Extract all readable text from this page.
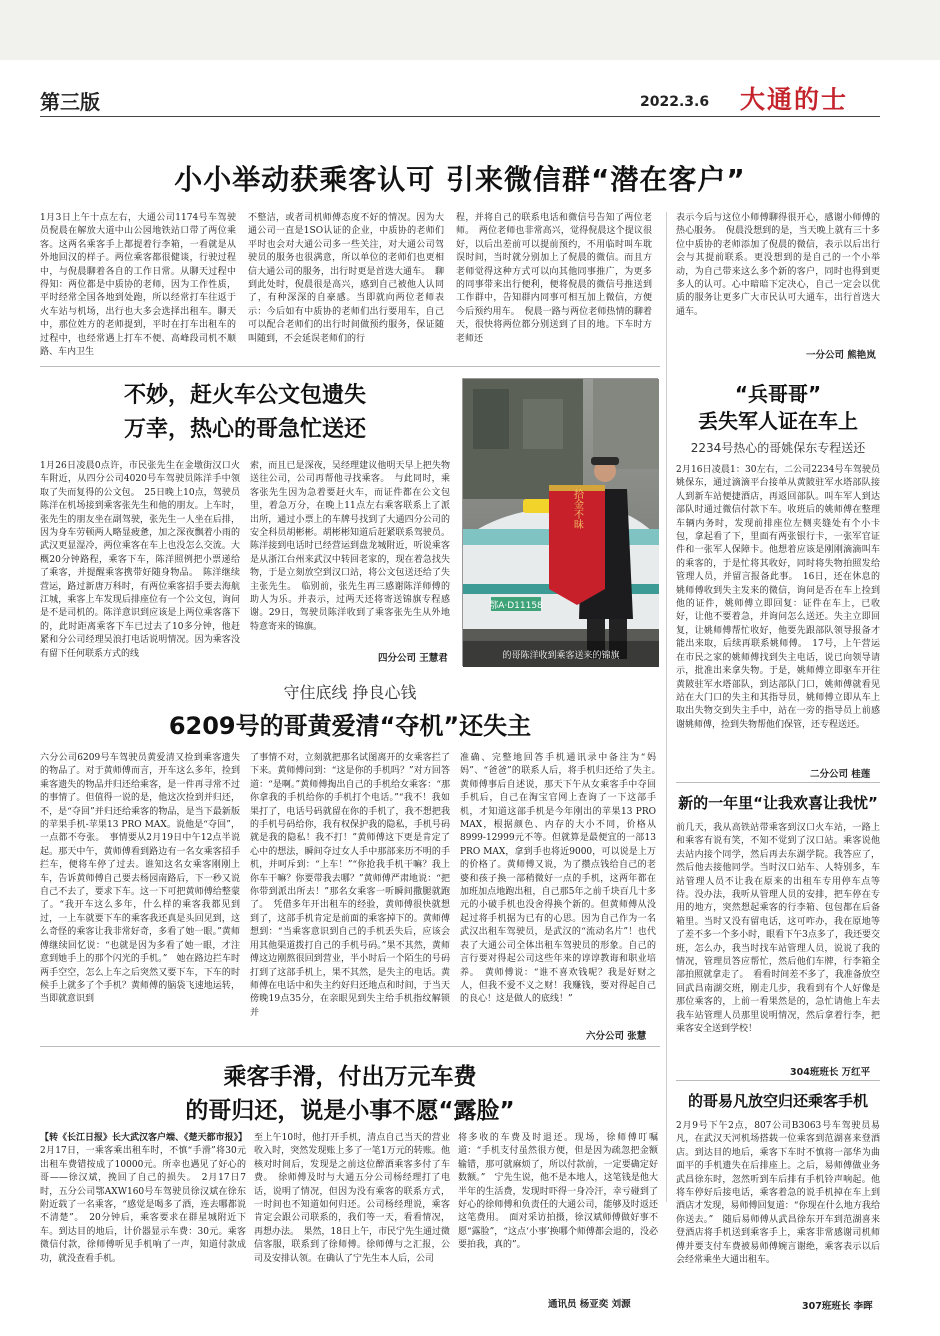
第三版	2022.3.6 大通的士
小小举动获乘客认可 引来微信群“潜在客户”
1月3日上午十点左右，大通公司1174号车驾驶员倪晨在解放大道中山公园地铁站口带了两位乘客。这两名乘客手上都提着行李箱，一看就是从外地回汉的样子。两位乘客都很健谈，行驶过程中，与倪晨聊着各自的工作日常。从聊天过程中得知：两位都是中质协的老师，因为工作性质，平时经常全国各地到处跑，所以经常打车往返于火车站与机场，出行也大多会选择出租车。聊天中，那位姓方的老师提到，平时在打车出租车的过程中，也经常遇上打车不便、高峰段司机不顺路、车内卫生
不整洁，或者司机师傅态度不好的情况。因为大通公司一直是1SO认证的企业，中质协的老师们平时也会对大通公司多一些关注，对大通公司驾驶员的服务也很满意，所以单位的老师们也更相信大通公司的服务，出行时更是首选大通车。　聊到此处时，倪晨很是高兴，感到自己被他人认同了，有种深深的自豪感。当即就向两位老师表示：今后如有中质协的老师们出行要用车，自己可以配合老师们的出行时间做预约服务，保证随叫随到，不会延误老师们的行
程，并将自己的联系电话和微信号告知了两位老师。　两位老师也非常高兴，觉得倪晨这个提议很好，以后出差前可以提前预约，不用临时叫车耽误时间，当时就分别加上了倪晨的微信。而且方老师觉得这种方式可以向其他同事推广，为更多的同事带来出行便利，便将倪晨的微信号推送到工作群中，告知群内同事可相互加上微信，方便今后预约用车。　倪晨一路与两位老师热情的聊着天，很快将两位都分别送到了目的地。下车时方老师还
表示今后与这位小师傅聊得很开心，感谢小师傅的热心服务。　倪晨没想到的是，当天晚上就有三十多位中质协的老师添加了倪晨的微信，表示以后出行会与其提前联系。更没想到的是自己的一个小举动，为自己带来这么多个新的客户，同时也得到更多人的认可。心中暗暗下定决心，自己一定会以优质的服务让更多广大市民认可大通车，出行首选大通车。
一分公司 熊艳岚
不妙，赶火车公文包遗失
万幸，热心的哥急忙送还
1月26日凌晨0点许，市民张先生在金墩街汉口火车附近，从四分公司4020号车驾驶员陈洋手中领取了失而复得的公文包。　25日晚上10点，驾驶员陈洋在机场接到乘客张先生和他的朋友。上车时，张先生的朋友坐在副驾驶，张先生一人坐在后排，因为身车劳顿两人略显疲惫，加之深夜飘着小雨的武汉更显湿冷，两位乘客在车上也没怎么交流。大概20分钟路程，乘客下车，陈洋照例把小票递给了乘客，并提醒乘客携带好随身物品。　陈洋继续营运，路过新唐万科时，有两位乘客招手要去海航江城，乘客上车发现后排座位有一个公文包，询问是不是司机的。陈洋意识到应该是上两位乘客落下的，此时距离乘客下车已过去了10多分钟，他赶紧和分公司经理吴浪打电话说明情况。因为乘客没有留下任何联系方式的线
索，而且已是深夜，吴经理建议他明天早上把失物送往公司，公司再帮他寻找乘客。　与此同时，乘客张先生因为急着要赶火车，而证件都在公文包里，着急万分，在晚上11点左右乘客联系上了派出所，通过小票上的车牌号找到了大通四分公司的安全科员胡彬彬。胡彬彬知道后赶紧联系驾驶员。陈洋接到电话时已经营运到盘龙城附近，听说乘客是从浙江台州来武汉中转回老家的，现在着急找失物，于是立刻放空到汉口站，将公文包送还给了失主张先生。　临别前，张先生再三感谢陈洋师傅的助人为乐。并表示，过两天还将寄送锦旗专程感谢。29日，驾驶员陈洋收到了乘客张先生从外地特意寄来的锦旗。
四分公司 王慧君
鄂A·D11158
拾金不昧
的哥陈洋收到乘客送来的锦旗
“兵哥哥”
丢失军人证在车上
2234号热心的哥姚保东专程送还
2月16日凌晨1：30左右，二公司2234号车驾驶员姚保东，通过滴滴平台接单从黄陂驻军水塔部队接人到新车站便捷酒店，再返回部队。叫车军人到达部队时通过微信付款下车。收班后的姚师傅在整理车辆内务时，发现前排座位左侧夹缝处有个小卡包，拿起看了下，里面有两张银行卡，一张军官证件和一张军人保障卡。他想着应该是刚刚滴滴叫车的乘客的，于是忙将其收好，同时将失物拍照发给管理人员，并留言报备此事。　16日，还在休息的姚师傅收到失主发来的微信，询问是否在车上捡到他的证件，姚师傅立即回复：证件在车上，已收好，让他不要着急，并询问怎么送还。失主立即回复，让姚师傅帮忙收好，他要先跟部队领导报备才能出来取，后续再联系姚师傅。　17号，上午营运在市民之家的姚师傅找到失主电话，说已向领导请示，批准出来拿失物。于是，姚师傅立即驱车开往黄陂驻军水塔部队，到达部队门口，姚师傅就看见站在大门口的失主和其指导员，姚师傅立即从车上取出失物交到失主手中，站在一旁的指导员上前感谢姚师傅，捡到失物帮他们保管，还专程送还。
二分公司 桂莲
守住底线 挣良心钱
6209号的哥黄爱清“夺机”还失主
六分公司6209号车驾驶员黄爱清又捡到乘客遗失的物品了。对于黄师傅而言，开车这么多年，捡到乘客遗失的物品并归还给乘客，是一件再寻常不过的事情了。但值得一说的是，他这次捡到并归还，不，是“夺回”并归还给乘客的物品，是当下最新版的苹果手机-苹果13 PRO MAX。说他是“夺回”，一点都不夸张。　事情要从2月19日中午12点半说起。那天中午，黄师傅看到路边有一名女乘客招手拦车，便将车停了过去。谁知这名女乘客刚刚上车，告诉黄师傅自己要去杨园南路后，下一秒又说自己不去了，要求下车。这一下可把黄师傅给整蒙了。“我开车这么多年，什么样的乘客我都见到过，一上车就要下车的乘客我还真是头回见到，这么奇怪的乘客让我非常好奇，多看了她一眼。”黄师傅继续回忆说：“也就是因为多看了她一眼，才注意到她手上的那个闪光的手机。”　她在路边拦车时两手空空，怎么上车之后突然又要下车，下车的时候手上就多了个手机？黄师傅的脑袋飞速地运转，当即就意识到
了事情不对，立刻就把那名试图离开的女乘客拦了下来。黄师傅问到：“这是你的手机吗？”对方回答道：“是啊。”黄师傅掏出自己的手机给女乘客：“那你拿我的手机给你的手机打个电话。”“我不！我如果打了，电话号码就留在你的手机了，我不想把我的手机号码给你，我有权保护我的隐私，手机号码就是我的隐私！我不打！”黄师傅这下更是肯定了心中的想法，瞬间夺过女人手中那部来历不明的手机，并呵斥到：“上车！”“你抢我手机干嘛？我上你车干嘛？你要带我去哪？”黄师傅严肃地说：“把你带到派出所去！”那名女乘客一听瞬间撒腿就跑了。　凭借多年开出租车的经验，黄师傅很快就想到了，这部手机肯定是前面的乘客掉下的。黄师傅想到：“当乘客意识到自己的手机丢失后，应该会用其他渠道拨打自己的手机号码。”果不其然，黄师傅这边刚熬很回到营业，半小时后一个陌生的号码打到了这部手机上，果不其然，是失主的电话。黄师傅在电话中和失主约好归还地点和时间，于当天傍晚19点35分，在亲眼见到失主给手机指纹解锁并
准确、完整地回答手机通讯录中备注为“妈妈”、“爸爸”的联系人后，将手机归还给了失主。　黄师傅事后自述说，那天下午从女乘客手中夺回手机后，自己在淘宝官网上查询了一下这部手机，才知道这部手机是今年刚出的苹果13 PRO MAX，根据颜色、内存的大小不同，价格从8999-12999元不等。但就算是最便宜的一部13 PRO MAX，拿到手也将近9000，可以说是上万的价格了。黄师傅又说，为了攒点钱给自己的老婆和孩子换一部稍微好一点的手机，这两年都在加班加点地跑出租，自己那5年之前千块百几十多元的小破手机也没舍得换个新的。但黄师傅从没起过将手机据为已有的心思。因为自己作为一名武汉出租车驾驶员，是武汉的“流动名片”！也代表了大通公司全体出租车驾驶员的形象。自己的言行要对得起公司这些年来的谆谆教诲和职业培养。　黄师傅说：“谁不喜欢钱呢？我是好财之人，但我不爱不义之财！我赚钱，要对得起自己的良心！这是做人的底线！”
六分公司 张慧
新的一年里“让我欢喜让我忧”
前几天，我从高铁站带乘客到汉口火车站，一路上和乘客有说有笑，不知不觉到了汉口站。乘客说他去站内接个同学，然后再去东湖学院。我答应了，然后他去接他同学。当时汉口站车、人特别多，车站管理人员不让我在原来的出租车专用停车点等待。没办法，我听从管理人员的安排，把车停在专用的地方，突然想起乘客的行李箱、包包都在后备箱里。当时又没有留电话，这可咋办，我在原地等了差不多一个多小时，眼看下午3点多了，我还要交班，怎么办，我当时找车站管理人员，说说了我的情况，管理员答应帮忙，然后他们车牌，行李箱全部拍照就拿走了。　看看时间差不多了，我准备放空回武昌南湖交班，刚走几步，我看到有个人好像是那位乘客的，上前一看果然是的，急忙请他上车去我车站管理人员那里说明情况，然后拿着行李，把乘客安全送到学校！
304班班长 万红平
乘客手滑，付出万元车费
的哥归还，说是小事不愿“露脸”
【转《长江日报》长大武汉客户端、《楚天都市报》】2月17日，一乘客乘出租车时，不慎“手滑”将30元出租车费错按成了10000元。所幸也遇见了好心的哥——徐汉斌，挽回了自己的损失。　2月17日7时，五分公司鄂AXW160号车驾驶员徐汉斌在徐东附近载了一名乘客，“感觉是喝多了酒，连去哪都说不清楚”。　20分钟后，乘客要求在群星城附近下车。到达目的地后，计价器显示车费：30元。乘客微信付款，徐师傅听见手机响了一声，知道付款成功，就没查看手机。
至上午10时，他打开手机，清点自己当天的营业收入时，突然发现账上多了一笔1万元的转账。他核对时间后，发现是之前这位醉酒乘客多付了车费。　徐师傅及时与大通五分公司杨经理打了电话，说明了情况，但因为没有乘客的联系方式，一时间也不知道如何归还。公司杨经理说，乘客肯定会跟公司联系的，我们等一天，看看情况，再想办法。　果然，18日上午，市民宁先生通过微信客服，联系到了徐师傅。徐师傅与之汇报，公司及安排认领。在确认了宁先生本人后，公司
将多收的车费及时退还。现场，徐师傅叮嘱道：“手机支付虽然很方便，但是因为疏忽把金额输错，那可就麻烦了，所以付款前，一定要确定好数额。”　宁先生说，他不是本地人，这笔钱是他大半年的生活费，发现时吓得一身冷汗，幸亏碰到了好心的徐师傅和负责任的大通公司，能够及时返还这笔费用。　面对采访拍摄，徐汉斌师傅做好事不愿“露脸”，“这点‘小事’换哪个师傅都会退的，没必要拍我，真的”。
通讯员 杨亚奕 刘源
的哥易凡放空归还乘客手机
2月9号下午2点，807公司B3063号车驾驶员易凡，在武汉天河机场搭载一位乘客到范湖喜来登酒店。到达目的地后，乘客下车时不慎将一部华为曲面平的手机遗失在后排座上。之后，易师傅做业务武昌徐东时，忽然听到车后排有手机铃声响起。他将车停好后接电话，乘客着急的说手机掉在车上到酒店才发现，易师傅回复道：“你现在什么地方我给你送去。”　随后易师傅从武昌徐东开车到范湖喜来登酒店将手机送到乘客手上，乘客非常感谢司机师傅并要支付车费被易师傅婉言谢绝，乘客表示以后会经常乘坐大通出租车。
307班班长 李晖
